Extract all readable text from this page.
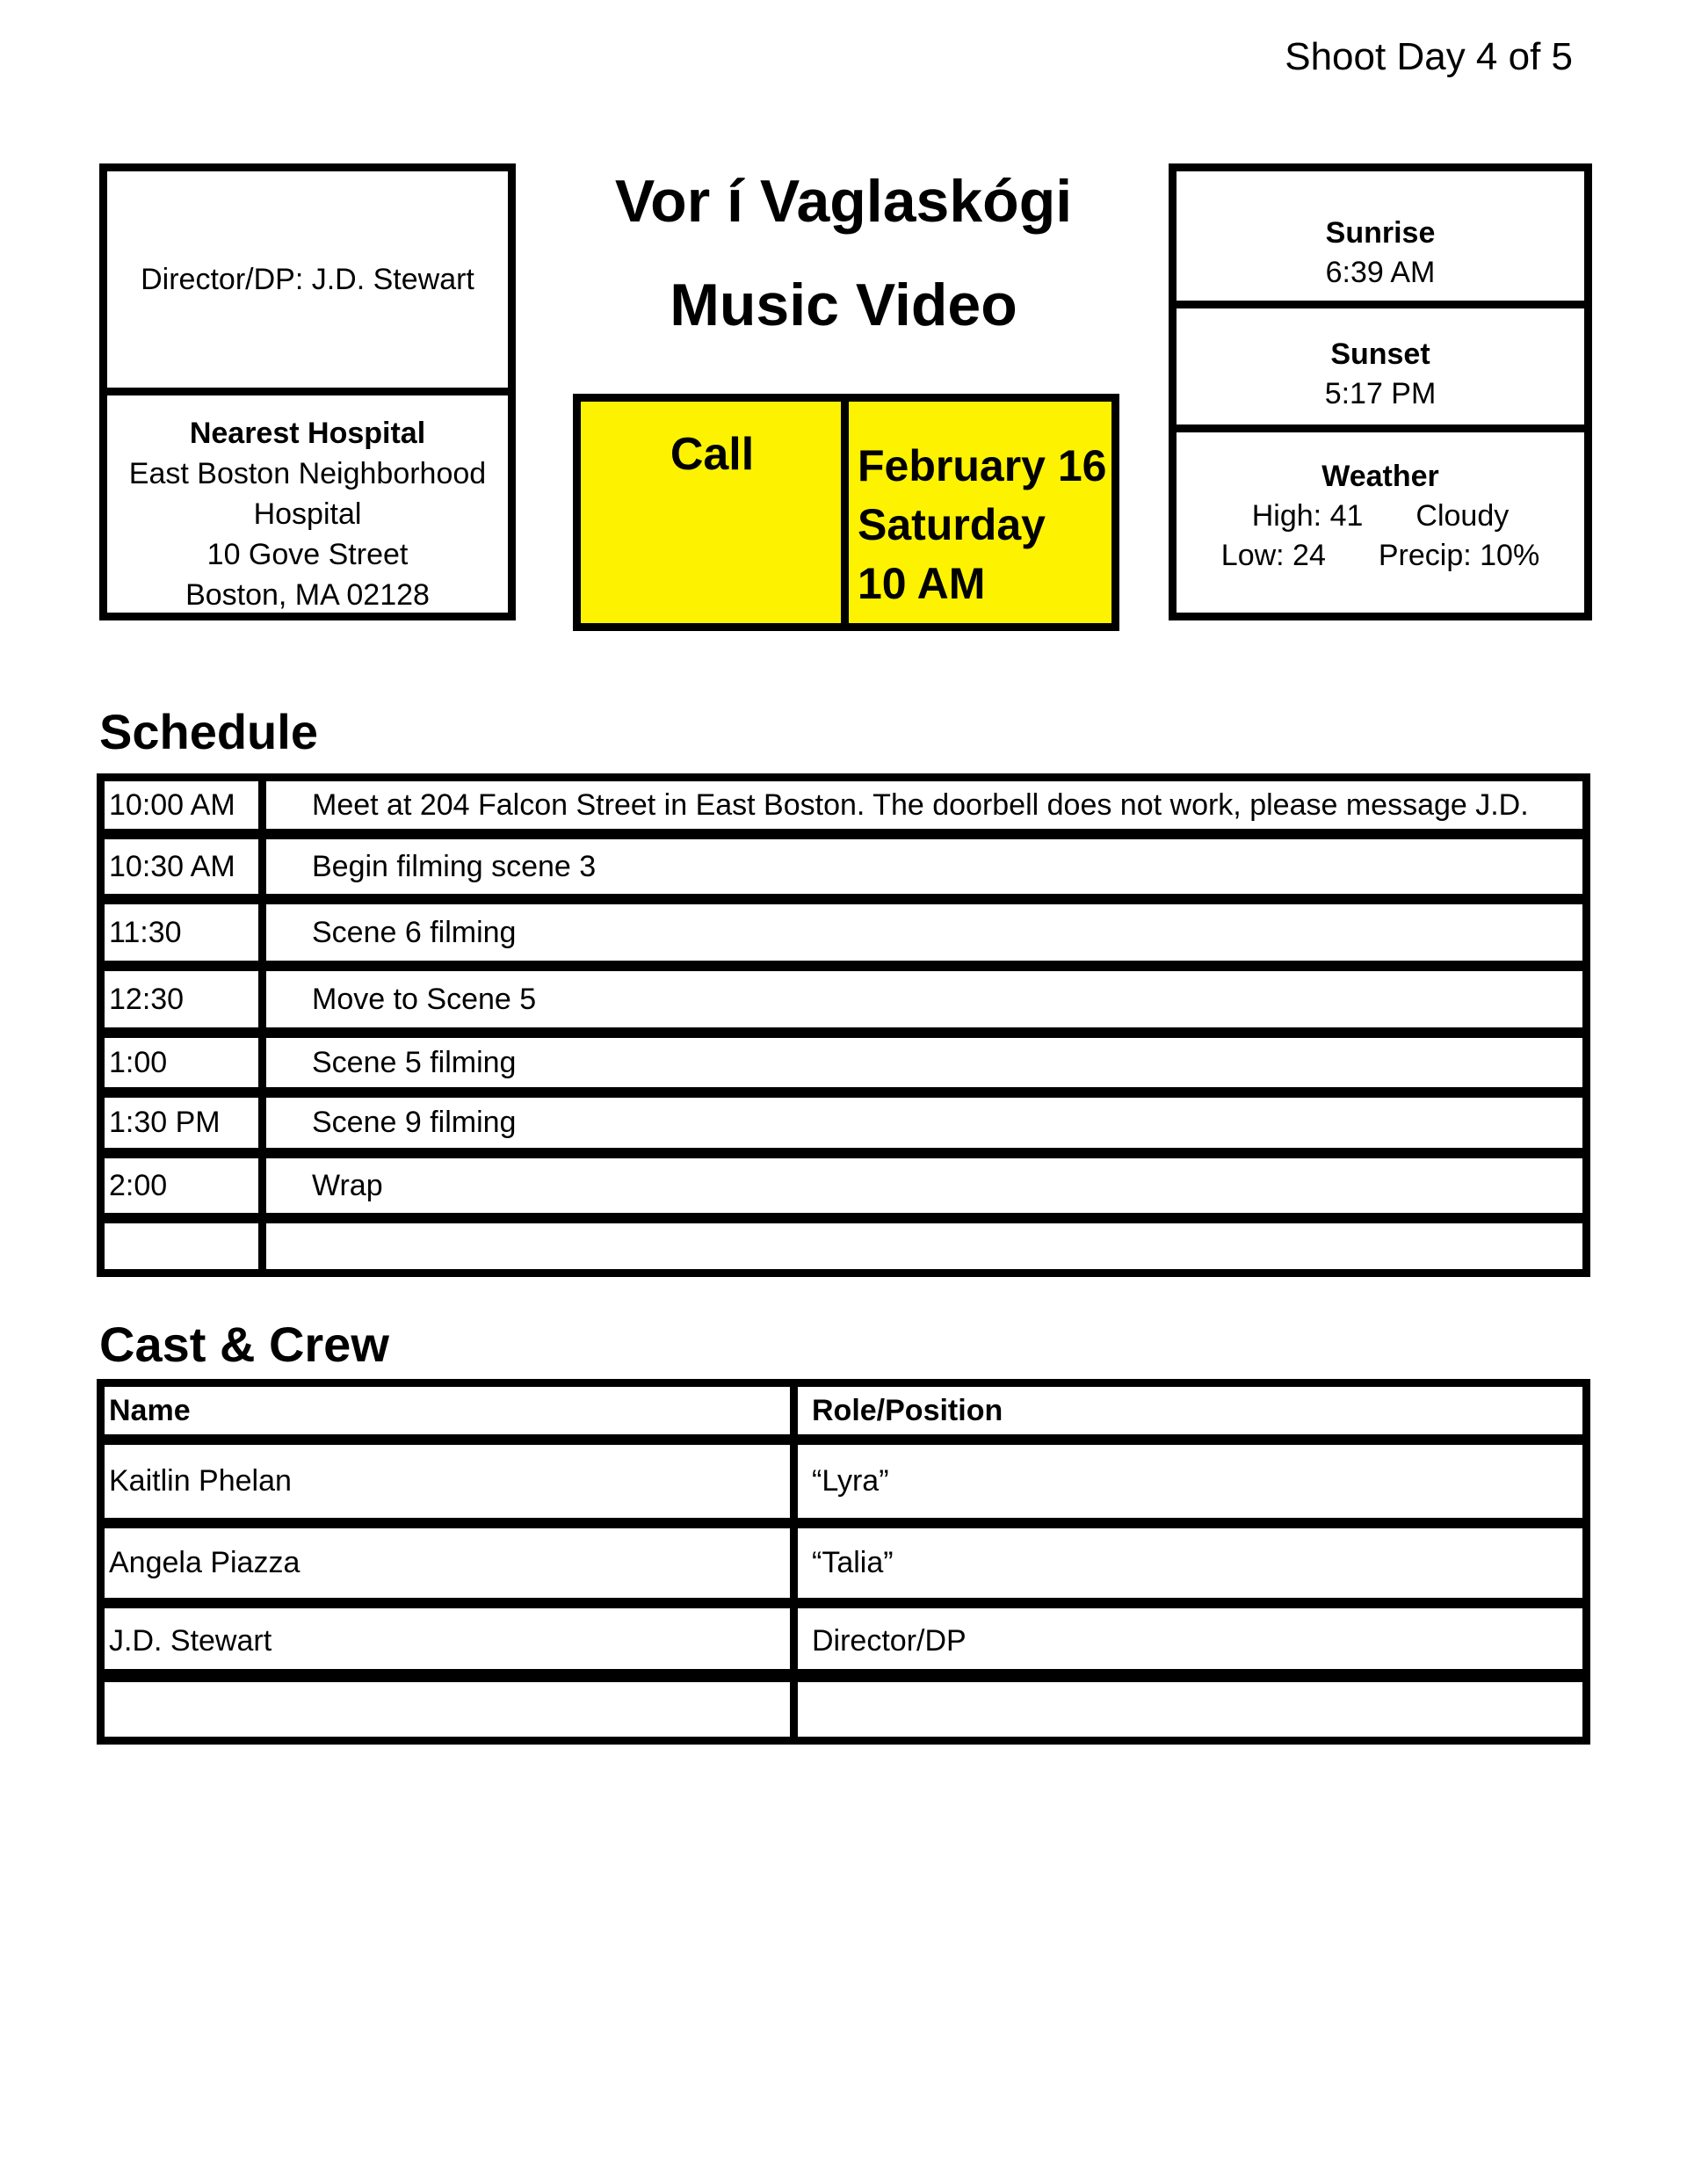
Shoot Day 4 of 5
Director/DP: J.D. Stewart
Nearest Hospital
East Boston Neighborhood
Hospital
10 Gove Street
Boston, MA 02128
Vor í Vaglaskógi
Music Video
Call	February 16
Saturday
10 AM
Sunrise
6:39 AM
Sunset
5:17 PM
Weather
High: 41 Cloudy
Low: 24 Precip: 10%
Schedule
10:00 AM	Meet at 204 Falcon Street in East Boston. The doorbell does not work, please message J.D.
10:30 AM	Begin filming scene 3
11:30	Scene 6 filming
12:30	Move to Scene 5
1:00	Scene 5 filming
1:30 PM	Scene 9 filming
2:00	Wrap
Cast & Crew
Name	Role/Position
Kaitlin Phelan	“Lyra”
Angela Piazza	“Talia”
J.D. Stewart	Director/DP
